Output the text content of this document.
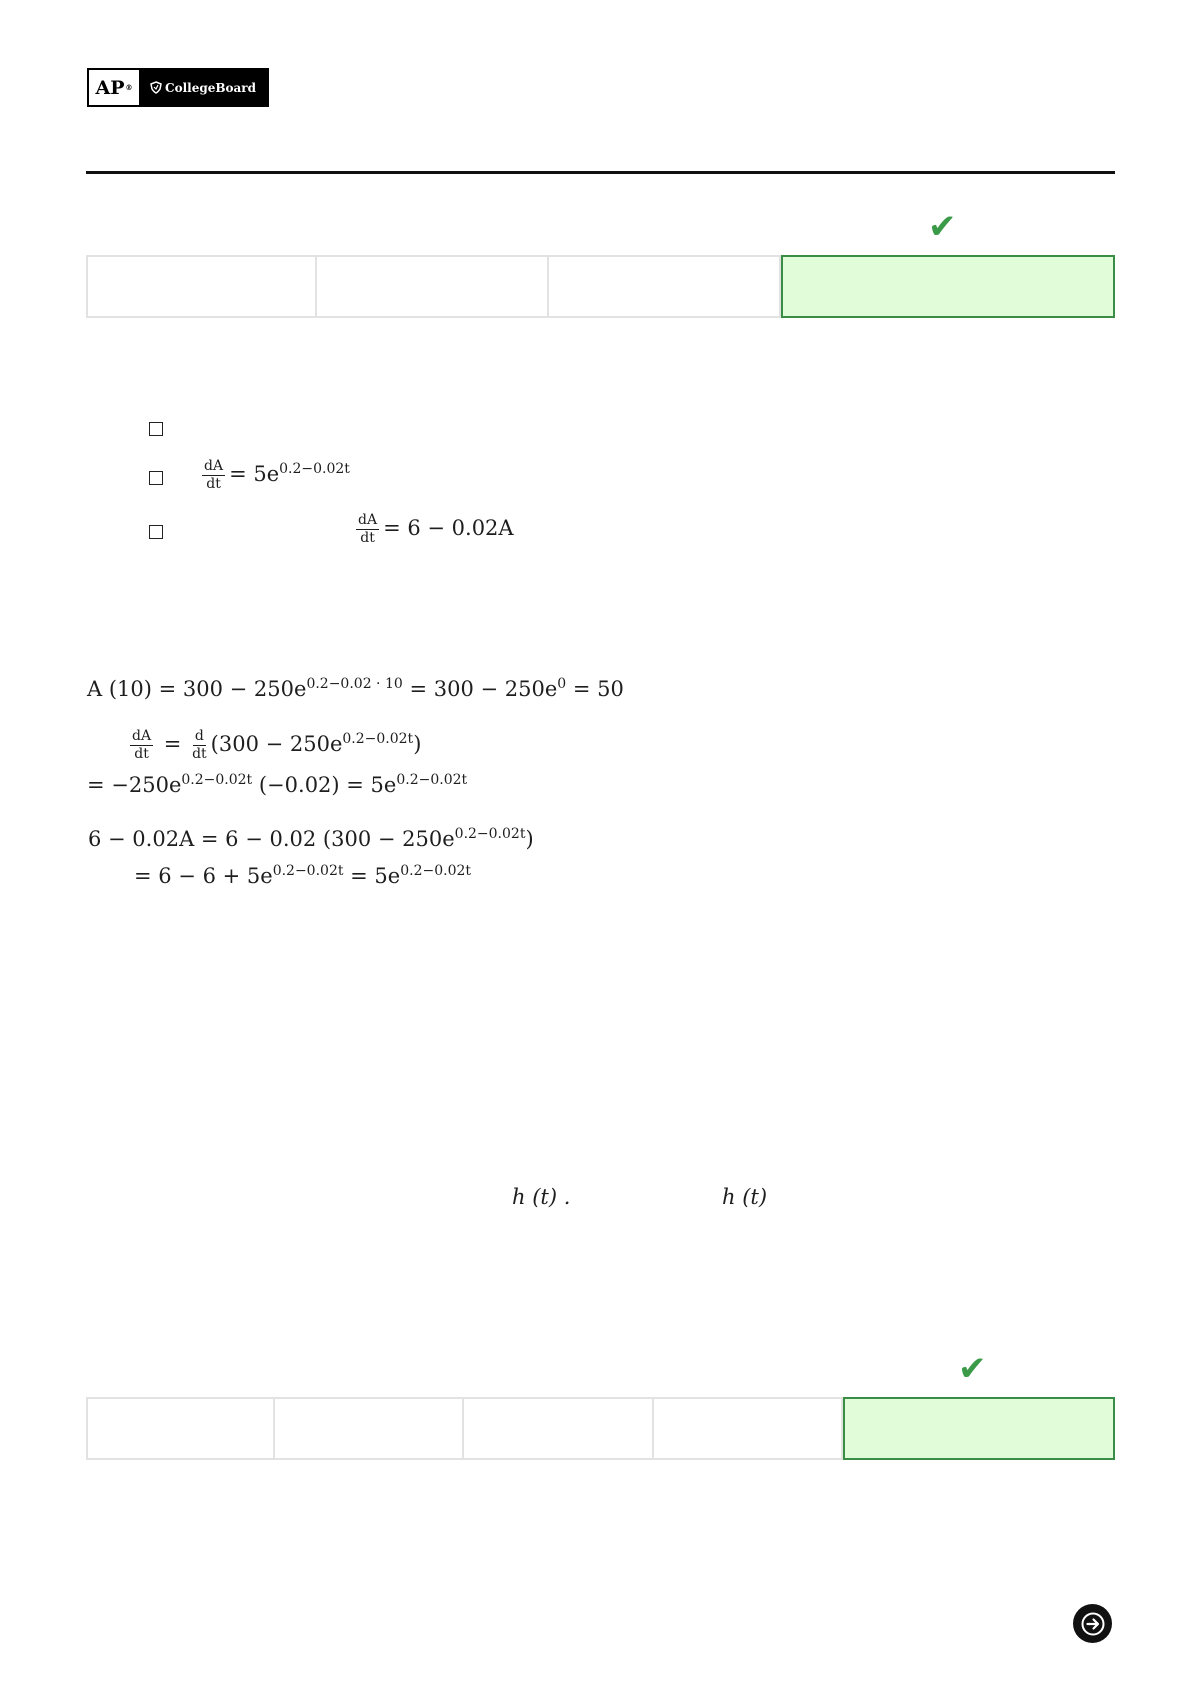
AP ®	CollegeBoard
✔
$\frac{dA}{dt} = 5e^{0.2-0.02t}$
$\frac{dA}{dt} = 6 - 0.02A$
A $(10) = 300 - 250e^{0.2-0.02 \cdot 10} = 300 - 250e^0 = 50$
$\frac{dA}{dt} = \frac{d}{dt} (300 - 250e^{0.2-0.02t})$
= $-250e^{0.2-0.02t}$ $(-0.02) = 5e^{0.2-0.02t}$
6 − 0.02A = 6 − 0.02 $(300 - 250e^{0.2-0.02t})$
= $6 - 6 + 5e^{0.2-0.02t} = 5e^{0.2-0.02t}$
h (t) .	h (t)
✔
